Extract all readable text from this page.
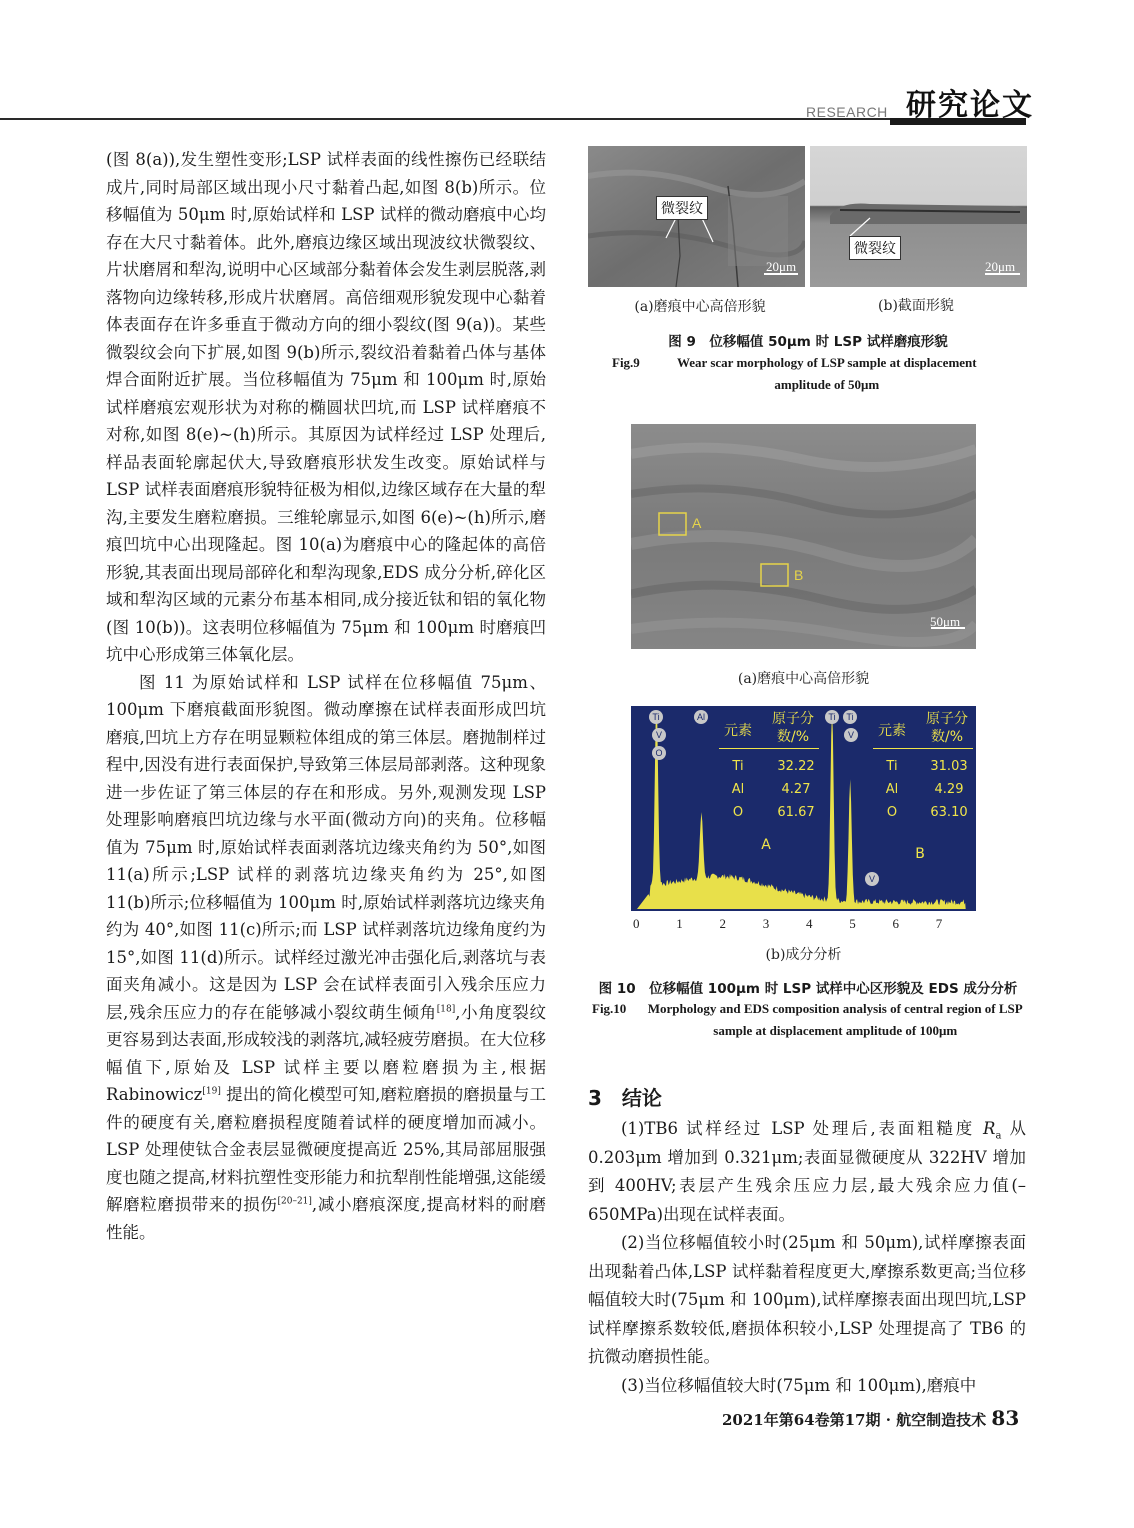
RESEARCH 研究论文

(图 8(a)),发生塑性变形;LSP 试样表面的线性擦伤已经联结成片,同时局部区域出现小尺寸黏着凸起,如图 8(b)所示。位移幅值为 50μm 时,原始试样和 LSP 试样的微动磨痕中心均存在大尺寸黏着体。此外,磨痕边缘区域出现波纹状微裂纹、片状磨屑和犁沟,说明中心区域部分黏着体会发生剥层脱落,剥落物向边缘转移,形成片状磨屑。高倍细观形貌发现中心黏着体表面存在许多垂直于微动方向的细小裂纹(图 9(a))。某些微裂纹会向下扩展,如图 9(b)所示,裂纹沿着黏着凸体与基体焊合面附近扩展。当位移幅值为 75μm 和 100μm 时,原始试样磨痕宏观形状为对称的椭圆状凹坑,而 LSP 试样磨痕不对称,如图 8(e)~(h)所示。其原因为试样经过 LSP 处理后,样品表面轮廓起伏大,导致磨痕形状发生改变。原始试样与 LSP 试样表面磨痕形貌特征极为相似,边缘区域存在大量的犁沟,主要发生磨粒磨损。三维轮廓显示,如图 6(e)~(h)所示,磨痕凹坑中心出现隆起。图 10(a)为磨痕中心的隆起体的高倍形貌,其表面出现局部碎化和犁沟现象,EDS 成分分析,碎化区域和犁沟区域的元素分布基本相同,成分接近钛和铝的氧化物(图 10(b))。这表明位移幅值为 75μm 和 100μm 时磨痕凹坑中心形成第三体氧化层。

图 11 为原始试样和 LSP 试样在位移幅值 75μm、100μm 下磨痕截面形貌图。微动摩擦在试样表面形成凹坑磨痕,凹坑上方存在明显颗粒体组成的第三体层。磨抛制样过程中,因没有进行表面保护,导致第三体层局部剥落。这种现象进一步佐证了第三体层的存在和形成。另外,观测发现 LSP 处理影响磨痕凹坑边缘与水平面(微动方向)的夹角。位移幅值为 75μm 时,原始试样表面剥落坑边缘夹角约为 50°,如图 11(a)所示;LSP 试样的剥落坑边缘夹角约为 25°,如图 11(b)所示;位移幅值为 100μm 时,原始试样剥落坑边缘夹角约为 40°,如图 11(c)所示;而 LSP 试样剥落坑边缘角度约为 15°,如图 11(d)所示。试样经过激光冲击强化后,剥落坑与表面夹角减小。这是因为 LSP 会在试样表面引入残余压应力层,残余压应力的存在能够减小裂纹萌生倾角[18],小角度裂纹更容易到达表面,形成较浅的剥落坑,减轻疲劳磨损。在大位移幅值下,原始及 LSP 试样主要以磨粒磨损为主,根据 Rabinowicz[19] 提出的简化模型可知,磨粒磨损的磨损量与工件的硬度有关,磨粒磨损程度随着试样的硬度增加而减小。LSP 处理使钛合金表层显微硬度提高近 25%,其局部屈服强度也随之提高,材料抗塑性变形能力和抗犁削性能增强,这能缓解磨粒磨损带来的损伤[20–21],减小磨痕深度,提高材料的耐磨性能。

微裂纹
20μm
微裂纹
20μm
(a)磨痕中心高倍形貌	(b)截面形貌
图 9　位移幅值 50μm 时 LSP 试样磨痕形貌
Fig.9	Wear scar morphology of LSP sample at displacement amplitude of 50μm
A
B
50μm
(a)磨痕中心高倍形貌
元素
原子分数/%
Ti	32.22
Al	4.27
O	61.67
A
元素
原子分数/%
Ti	31.03
Al	4.29
O	63.10
B
Ti
V
O
Al	Ti	Ti
V
V
0	1	2	3	4	5	6	7
(b)成分分析
图 10　位移幅值 100μm 时 LSP 试样中心区形貌及 EDS 成分分析
Fig.10 Morphology and EDS composition analysis of central region of LSP sample at displacement amplitude of 100μm
3　结论

(1)TB6 试样经过 LSP 处理后,表面粗糙度 $R_a$ 从 0.203μm 增加到 0.321μm;表面显微硬度从 322HV 增加到 400HV;表层产生残余压应力层,最大残余应力值(–650MPa)出现在试样表面。

(2)当位移幅值较小时(25μm 和 50μm),试样摩擦表面出现黏着凸体,LSP 试样黏着程度更大,摩擦系数更高;当位移幅值较大时(75μm 和 100μm),试样摩擦表面出现凹坑,LSP 试样摩擦系数较低,磨损体积较小,LSP 处理提高了 TB6 的抗微动磨损性能。

(3)当位移幅值较大时(75μm 和 100μm),磨痕中

2021年第64卷第17期 · 航空制造技术 83
